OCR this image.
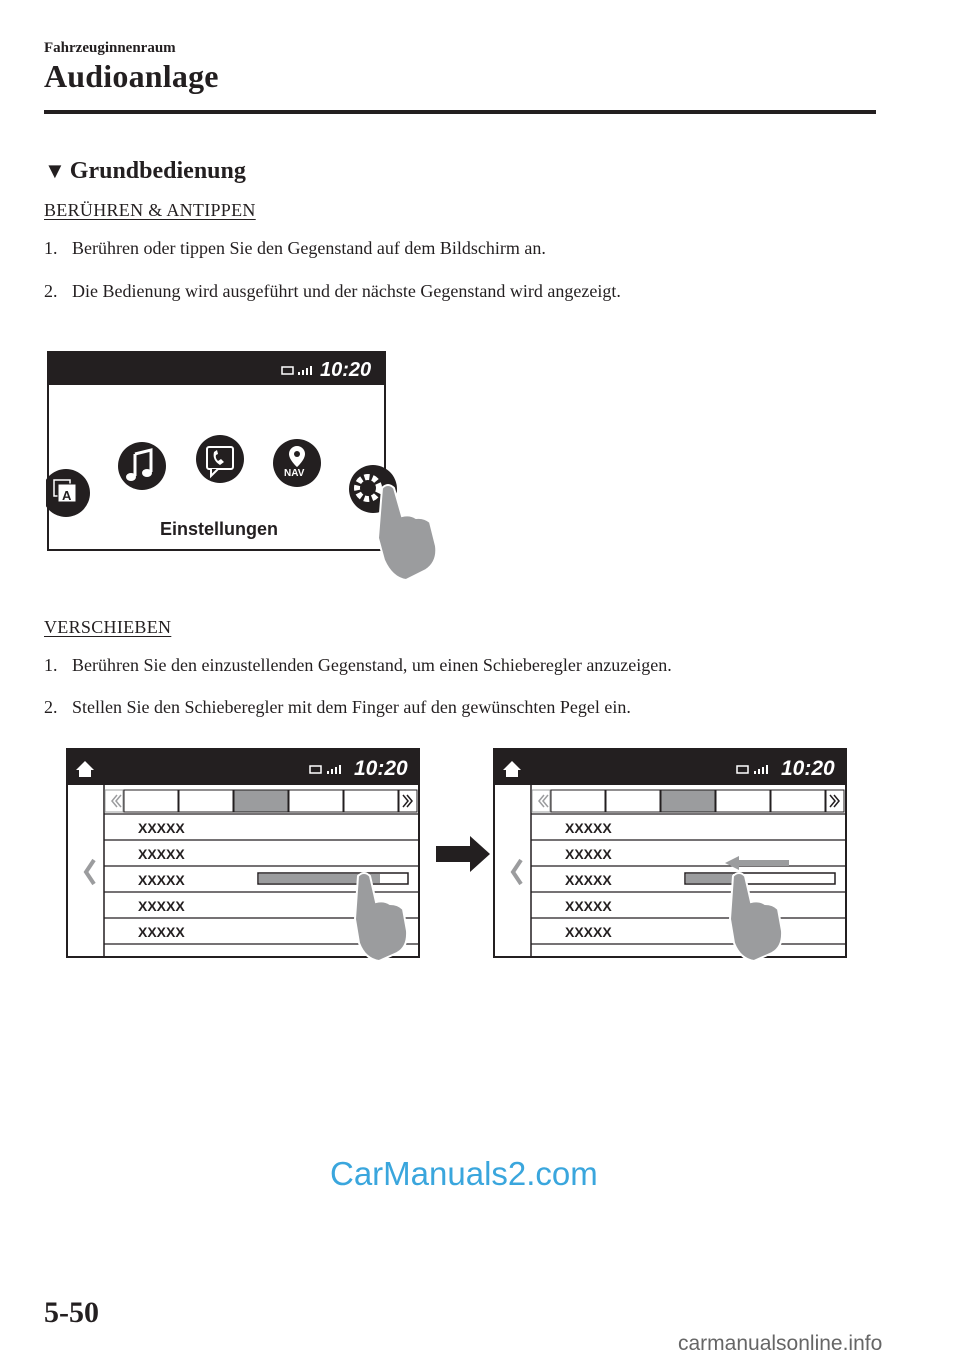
Fahrzeuginnenraum
Audioanlage
▼ Grundbedienung
BERÜHREN & ANTIPPEN
1. Berühren oder tippen Sie den Gegenstand auf dem Bildschirm an.
2. Die Bedienung wird ausgeführt und der nächste Gegenstand wird angezeigt.
10:20
A
NAV
Einstellungen
VERSCHIEBEN
1. Berühren Sie den einzustellenden Gegenstand, um einen Schieberegler anzuzeigen.
2. Stellen Sie den Schieberegler mit dem Finger auf den gewünschten Pegel ein.
10:20
XXXXX
XXXXX
XXXXX
XXXXX
XXXXX
10:20
XXXXX
XXXXX
XXXXX
XXXXX
XXXXX
CarManuals2.com
5-50
carmanualsonline.info
